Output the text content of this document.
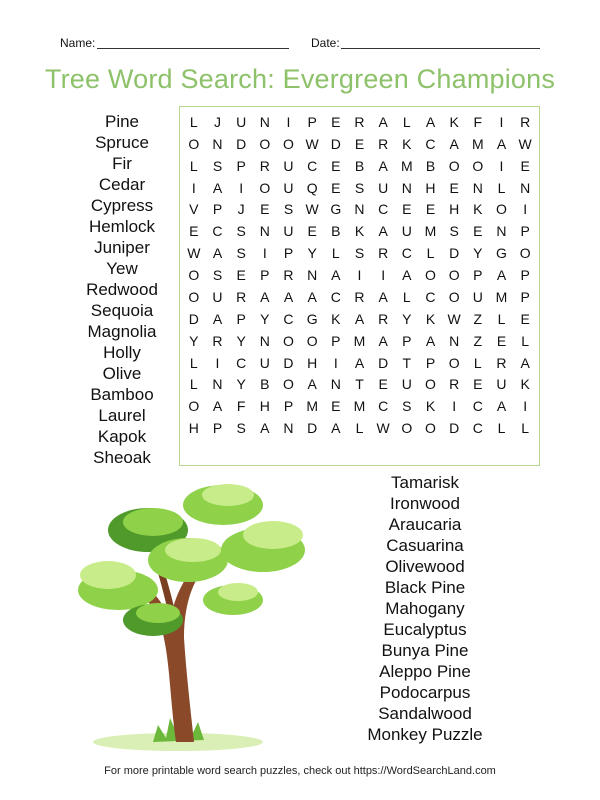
Name:	Date:
Tree Word Search: Evergreen Champions
Pine
Spruce
Fir
Cedar
Cypress
Hemlock
Juniper
Yew
Redwood
Sequoia
Magnolia
Holly
Olive
Bamboo
Laurel
Kapok
Sheoak
L	J	U N	I	P	E R A	L	A	K	F	I	R
O N D O O W D E R K C A M A W
L	S	P R U C E	B	A M B O O	I	E
I	A	I	O U Q E	S U N H E N	L	N
V	P	J	E	S W G N C E	E H K O	I
E C S N U E	B	K	A U M S	E N P
W A	S	I	P	Y	L	S R C	L	D Y G O
O S	E	P R N A	I	I	A O O P	A	P
O U R A	A	A C R A	L	C O U M P
D A	P	Y C G K	A R Y	K W Z	L	E
Y R Y N O O P M A	P	A N	Z	E	L
L	I	C U D H	I	A D	T	P O	L	R A
L	N Y	B O A N	T	E U O R E U K
O A	F	H P M E M C S	K	I	C A	I
H P	S	A N D A	L W O O D C	L	L
Tamarisk
Ironwood
Araucaria
Casuarina
Olivewood
Black Pine
Mahogany
Eucalyptus
Bunya Pine
Aleppo Pine
Podocarpus
Sandalwood
Monkey Puzzle
For more printable word search puzzles, check out https://WordSearchLand.com
